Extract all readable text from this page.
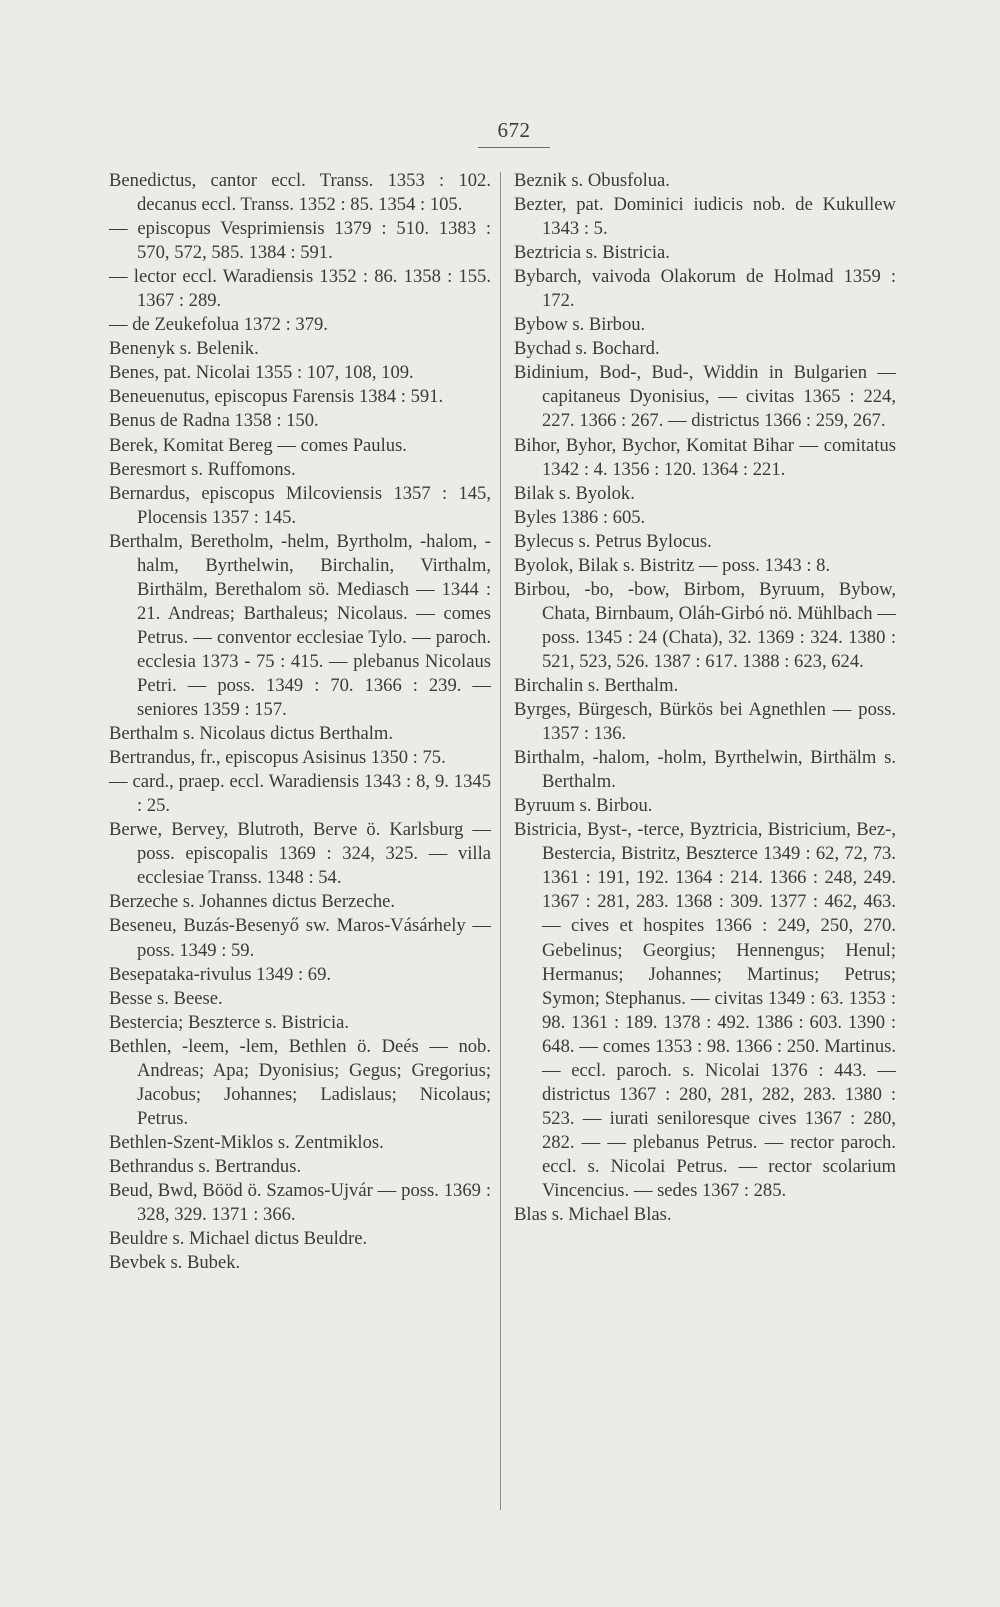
672

Benedictus, cantor eccl. Transs. 1353 : 102. decanus eccl. Transs. 1352 : 85. 1354 : 105.

— episcopus Vesprimiensis 1379 : 510. 1383 : 570, 572, 585. 1384 : 591.

— lector eccl. Waradiensis 1352 : 86. 1358 : 155. 1367 : 289.

— de Zeukefolua 1372 : 379.

Benenyk s. Belenik.

Benes, pat. Nicolai 1355 : 107, 108, 109.

Beneuenutus, episcopus Farensis 1384 : 591.

Benus de Radna 1358 : 150.

Berek, Komitat Bereg — comes Paulus.

Beresmort s. Ruffomons.

Bernardus, episcopus Milcoviensis 1357 : 145, Plocensis 1357 : 145.

Berthalm, Beretholm, -helm, Byrtholm, -halom, -halm, Byrthelwin, Birchalin, Virthalm, Birthälm, Berethalom sö. Mediasch — 1344 : 21. Andreas; Barthaleus; Nicolaus. — comes Petrus. — conventor ecclesiae Tylo. — paroch. ecclesia 1373 - 75 : 415. — plebanus Nicolaus Petri. — poss. 1349 : 70. 1366 : 239. — seniores 1359 : 157.

Berthalm s. Nicolaus dictus Berthalm.

Bertrandus, fr., episcopus Asisinus 1350 : 75.

— card., praep. eccl. Waradiensis 1343 : 8, 9. 1345 : 25.

Berwe, Bervey, Blutroth, Berve ö. Karlsburg — poss. episcopalis 1369 : 324, 325. — villa ecclesiae Transs. 1348 : 54.

Berzeche s. Johannes dictus Berzeche.

Beseneu, Buzás-Besenyő sw. Maros-Vásárhely — poss. 1349 : 59.

Besepataka-rivulus 1349 : 69.

Besse s. Beese.

Bestercia; Beszterce s. Bistricia.

Bethlen, -leem, -lem, Bethlen ö. Deés — nob. Andreas; Apa; Dyonisius; Gegus; Gregorius; Jacobus; Johannes; Ladislaus; Nicolaus; Petrus.

Bethlen-Szent-Miklos s. Zentmiklos.

Bethrandus s. Bertrandus.

Beud, Bwd, Bööd ö. Szamos-Ujvár — poss. 1369 : 328, 329. 1371 : 366.

Beuldre s. Michael dictus Beuldre.

Bevbek s. Bubek.

Beznik s. Obusfolua.

Bezter, pat. Dominici iudicis nob. de Kukullew 1343 : 5.

Beztricia s. Bistricia.

Bybarch, vaivoda Olakorum de Holmad 1359 : 172.

Bybow s. Birbou.

Bychad s. Bochard.

Bidinium, Bod-, Bud-, Widdin in Bulgarien — capitaneus Dyonisius, — civitas 1365 : 224, 227. 1366 : 267. — districtus 1366 : 259, 267.

Bihor, Byhor, Bychor, Komitat Bihar — comitatus 1342 : 4. 1356 : 120. 1364 : 221.

Bilak s. Byolok.

Byles 1386 : 605.

Bylecus s. Petrus Bylocus.

Byolok, Bilak s. Bistritz — poss. 1343 : 8.

Birbou, -bo, -bow, Birbom, Byruum, Bybow, Chata, Birnbaum, Oláh-Girbó nö. Mühlbach — poss. 1345 : 24 (Chata), 32. 1369 : 324. 1380 : 521, 523, 526. 1387 : 617. 1388 : 623, 624.

Birchalin s. Berthalm.

Byrges, Bürgesch, Bürkös bei Agnethlen — poss. 1357 : 136.

Birthalm, -halom, -holm, Byrthelwin, Birthälm s. Berthalm.

Byruum s. Birbou.

Bistricia, Byst-, -terce, Byztricia, Bistricium, Bez-, Bestercia, Bistritz, Beszterce 1349 : 62, 72, 73. 1361 : 191, 192. 1364 : 214. 1366 : 248, 249. 1367 : 281, 283. 1368 : 309. 1377 : 462, 463. — cives et hospites 1366 : 249, 250, 270. Gebelinus; Georgius; Hennengus; Henul; Hermanus; Johannes; Martinus; Petrus; Symon; Stephanus. — civitas 1349 : 63. 1353 : 98. 1361 : 189. 1378 : 492. 1386 : 603. 1390 : 648. — comes 1353 : 98. 1366 : 250. Martinus. — eccl. paroch. s. Nicolai 1376 : 443. — districtus 1367 : 280, 281, 282, 283. 1380 : 523. — iurati seniloresque cives 1367 : 280, 282. — — plebanus Petrus. — rector paroch. eccl. s. Nicolai Petrus. — rector scolarium Vincencius. — sedes 1367 : 285.

Blas s. Michael Blas.
